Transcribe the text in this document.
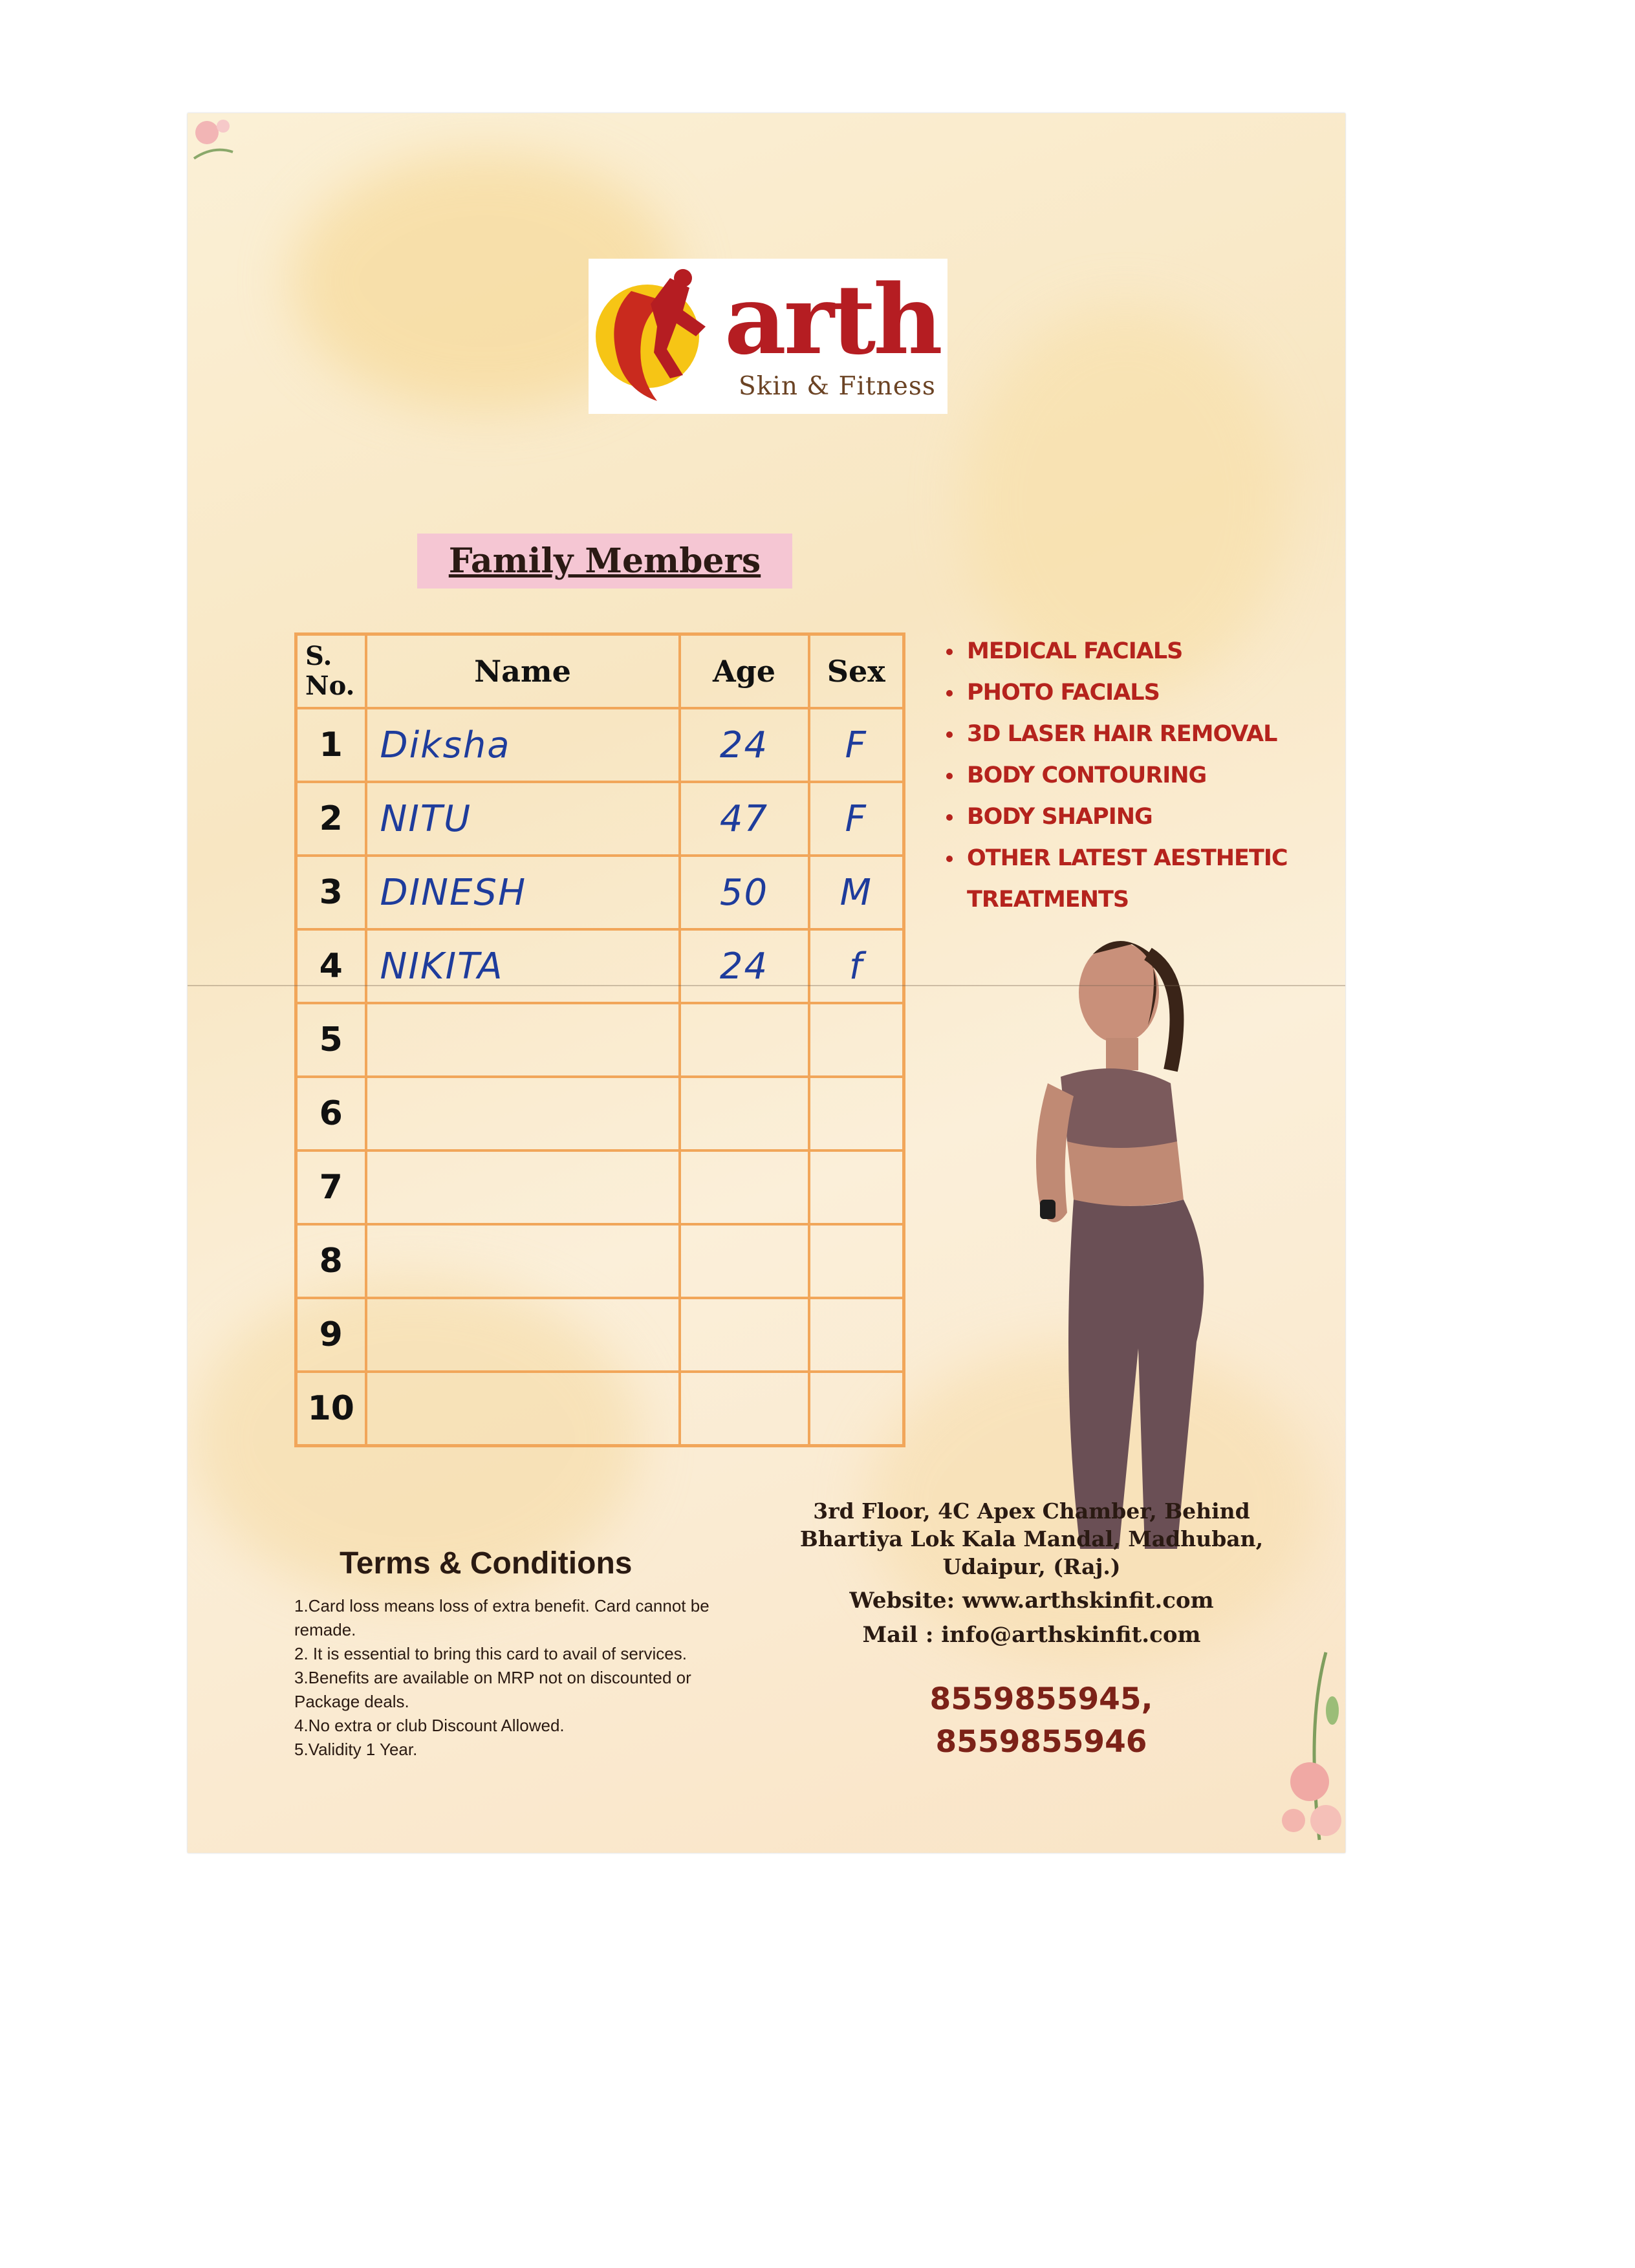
arth
Skin & Fitness
Family Members
S.
No.	Name	Age	Sex
1	Diksha	24	F
2	NITU	47	F
3	DINESH	50	M
4	NIKITA	24	f
5			
6			
7			
8			
9			
10			
• MEDICAL FACIALS
• PHOTO FACIALS
• 3D LASER HAIR REMOVAL
• BODY CONTOURING
• BODY SHAPING
• OTHER LATEST AESTHETIC TREATMENTS
Terms & Conditions
1.Card loss means loss of extra benefit. Card cannot be remade.
2. It is essential to bring this card to avail of services.
3.Benefits are available on MRP not on discounted or Package deals.
4.No extra or club Discount Allowed.
5.Validity 1 Year.
3rd Floor, 4C Apex Chamber, Behind Bhartiya Lok Kala Mandal, Madhuban, Udaipur, (Raj.)
Website: www.arthskinfit.com
Mail : info@arthskinfit.com
8559855945,
8559855946
